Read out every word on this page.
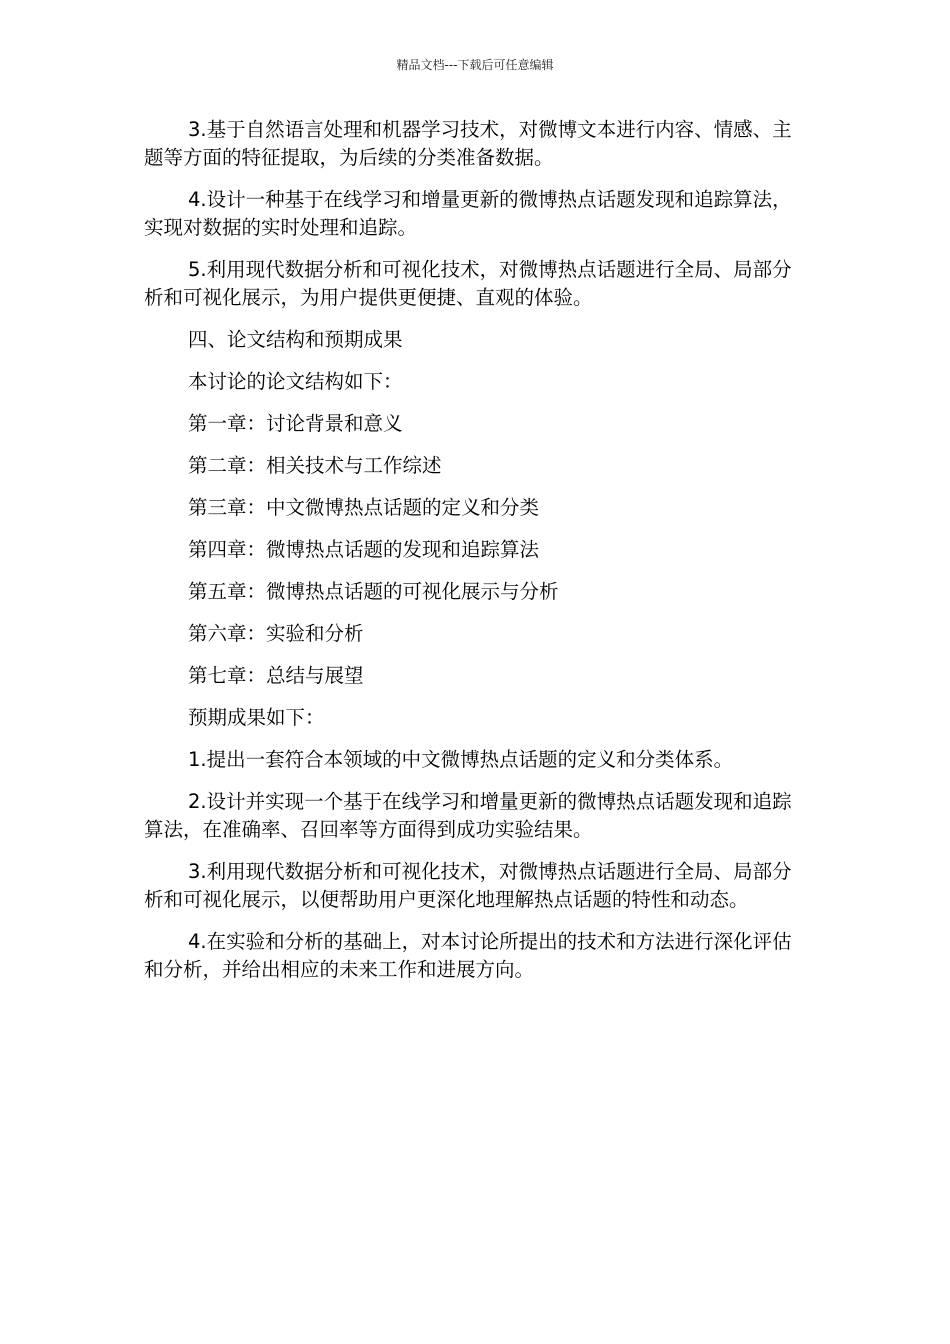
精品文档---下载后可任意编辑

3.基于自然语言处理和机器学习技术，对微博文本进行内容、情感、主题等方面的特征提取，为后续的分类准备数据。

4.设计一种基于在线学习和增量更新的微博热点话题发现和追踪算法，实现对数据的实时处理和追踪。

5.利用现代数据分析和可视化技术，对微博热点话题进行全局、局部分析和可视化展示，为用户提供更便捷、直观的体验。

四、论文结构和预期成果

本讨论的论文结构如下：

第一章：讨论背景和意义

第二章：相关技术与工作综述

第三章：中文微博热点话题的定义和分类

第四章：微博热点话题的发现和追踪算法

第五章：微博热点话题的可视化展示与分析

第六章：实验和分析

第七章：总结与展望

预期成果如下：

1.提出一套符合本领域的中文微博热点话题的定义和分类体系。

2.设计并实现一个基于在线学习和增量更新的微博热点话题发现和追踪算法，在准确率、召回率等方面得到成功实验结果。

3.利用现代数据分析和可视化技术，对微博热点话题进行全局、局部分析和可视化展示，以便帮助用户更深化地理解热点话题的特性和动态。

4.在实验和分析的基础上，对本讨论所提出的技术和方法进行深化评估和分析，并给出相应的未来工作和进展方向。
